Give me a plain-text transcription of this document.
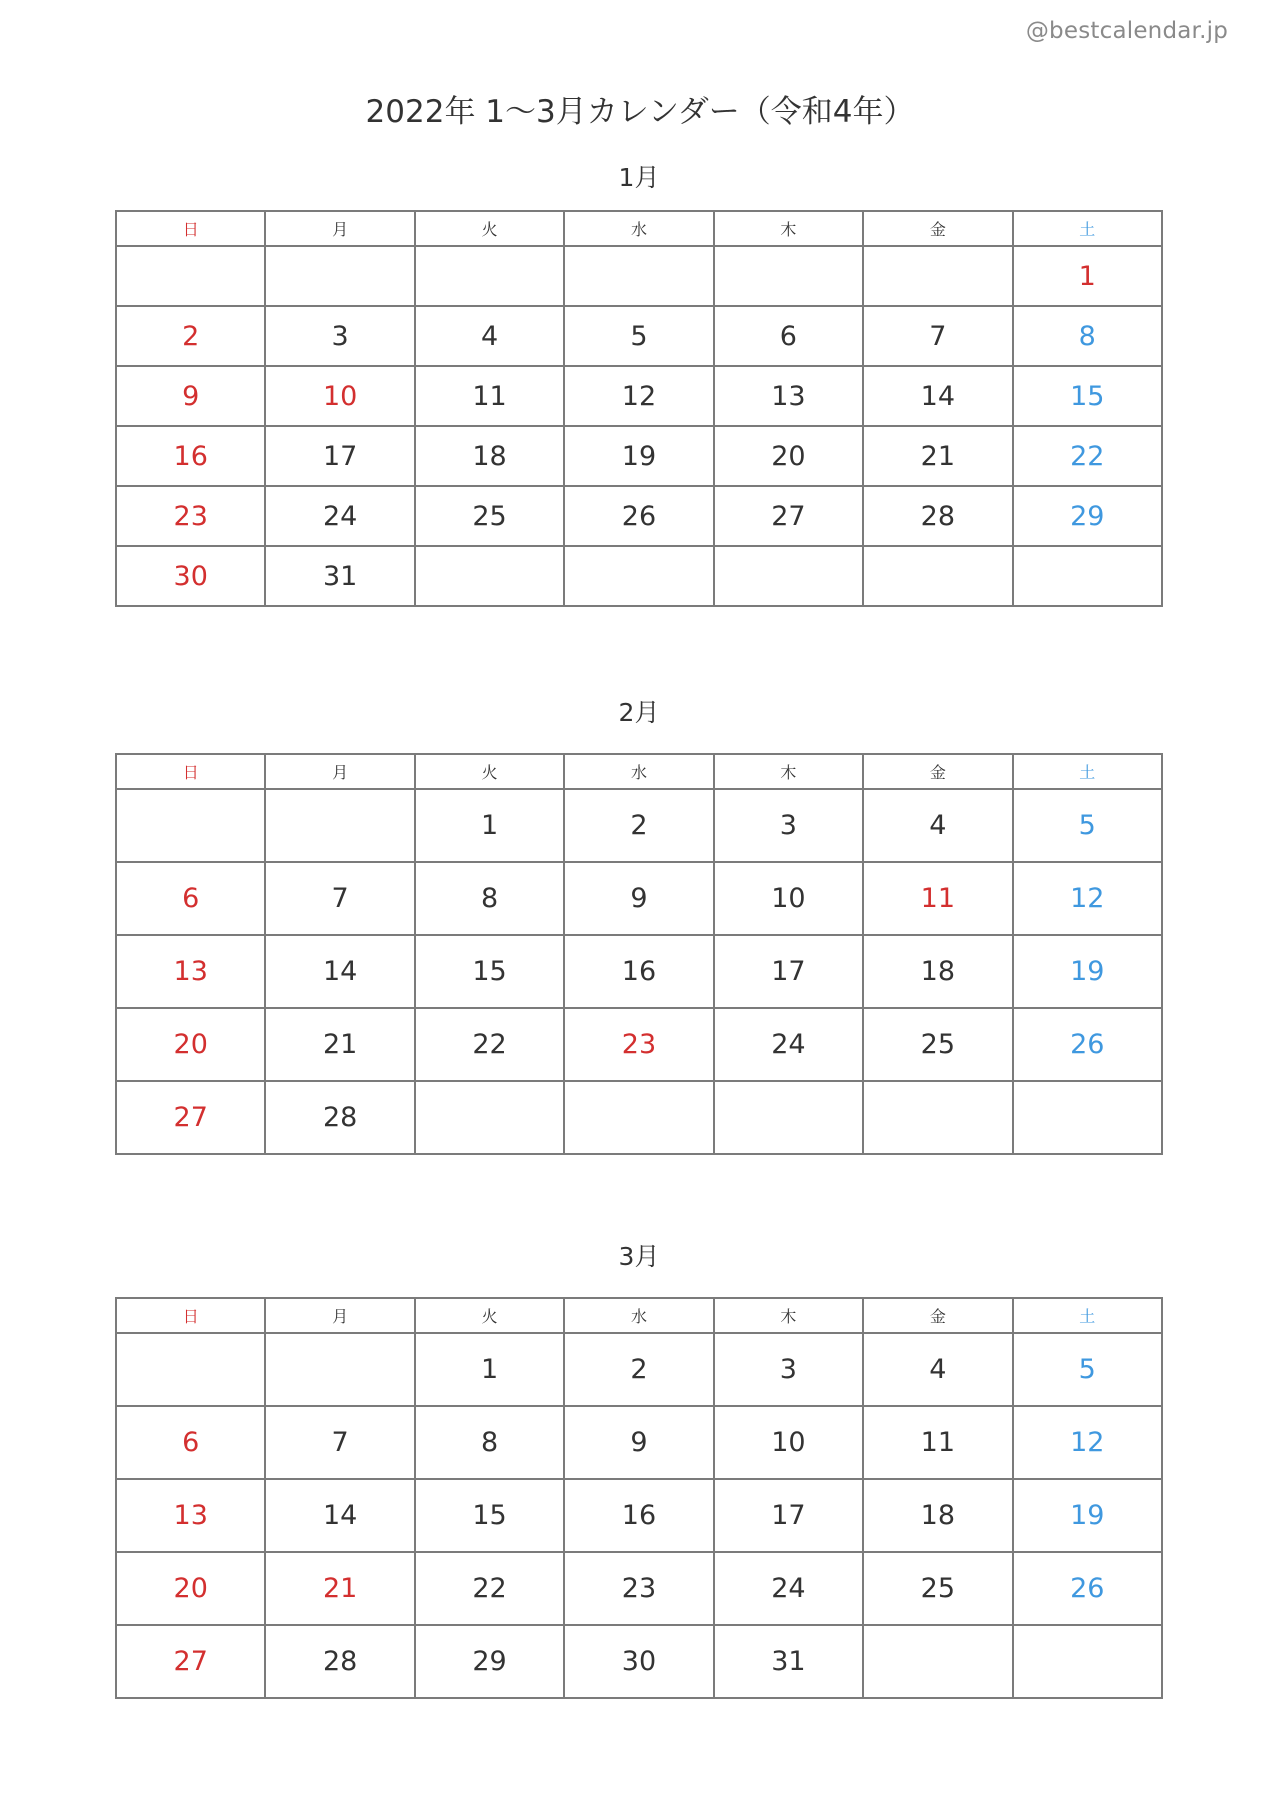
@bestcalendar.jp
2022年 1〜3月カレンダー（令和4年）
1月
日	月	火	水	木	金	土
						1
2	3	4	5	6	7	8
9	10	11	12	13	14	15
16	17	18	19	20	21	22
23	24	25	26	27	28	29
30	31					
2月
日	月	火	水	木	金	土
		1	2	3	4	5
6	7	8	9	10	11	12
13	14	15	16	17	18	19
20	21	22	23	24	25	26
27	28					
3月
日	月	火	水	木	金	土
		1	2	3	4	5
6	7	8	9	10	11	12
13	14	15	16	17	18	19
20	21	22	23	24	25	26
27	28	29	30	31		
